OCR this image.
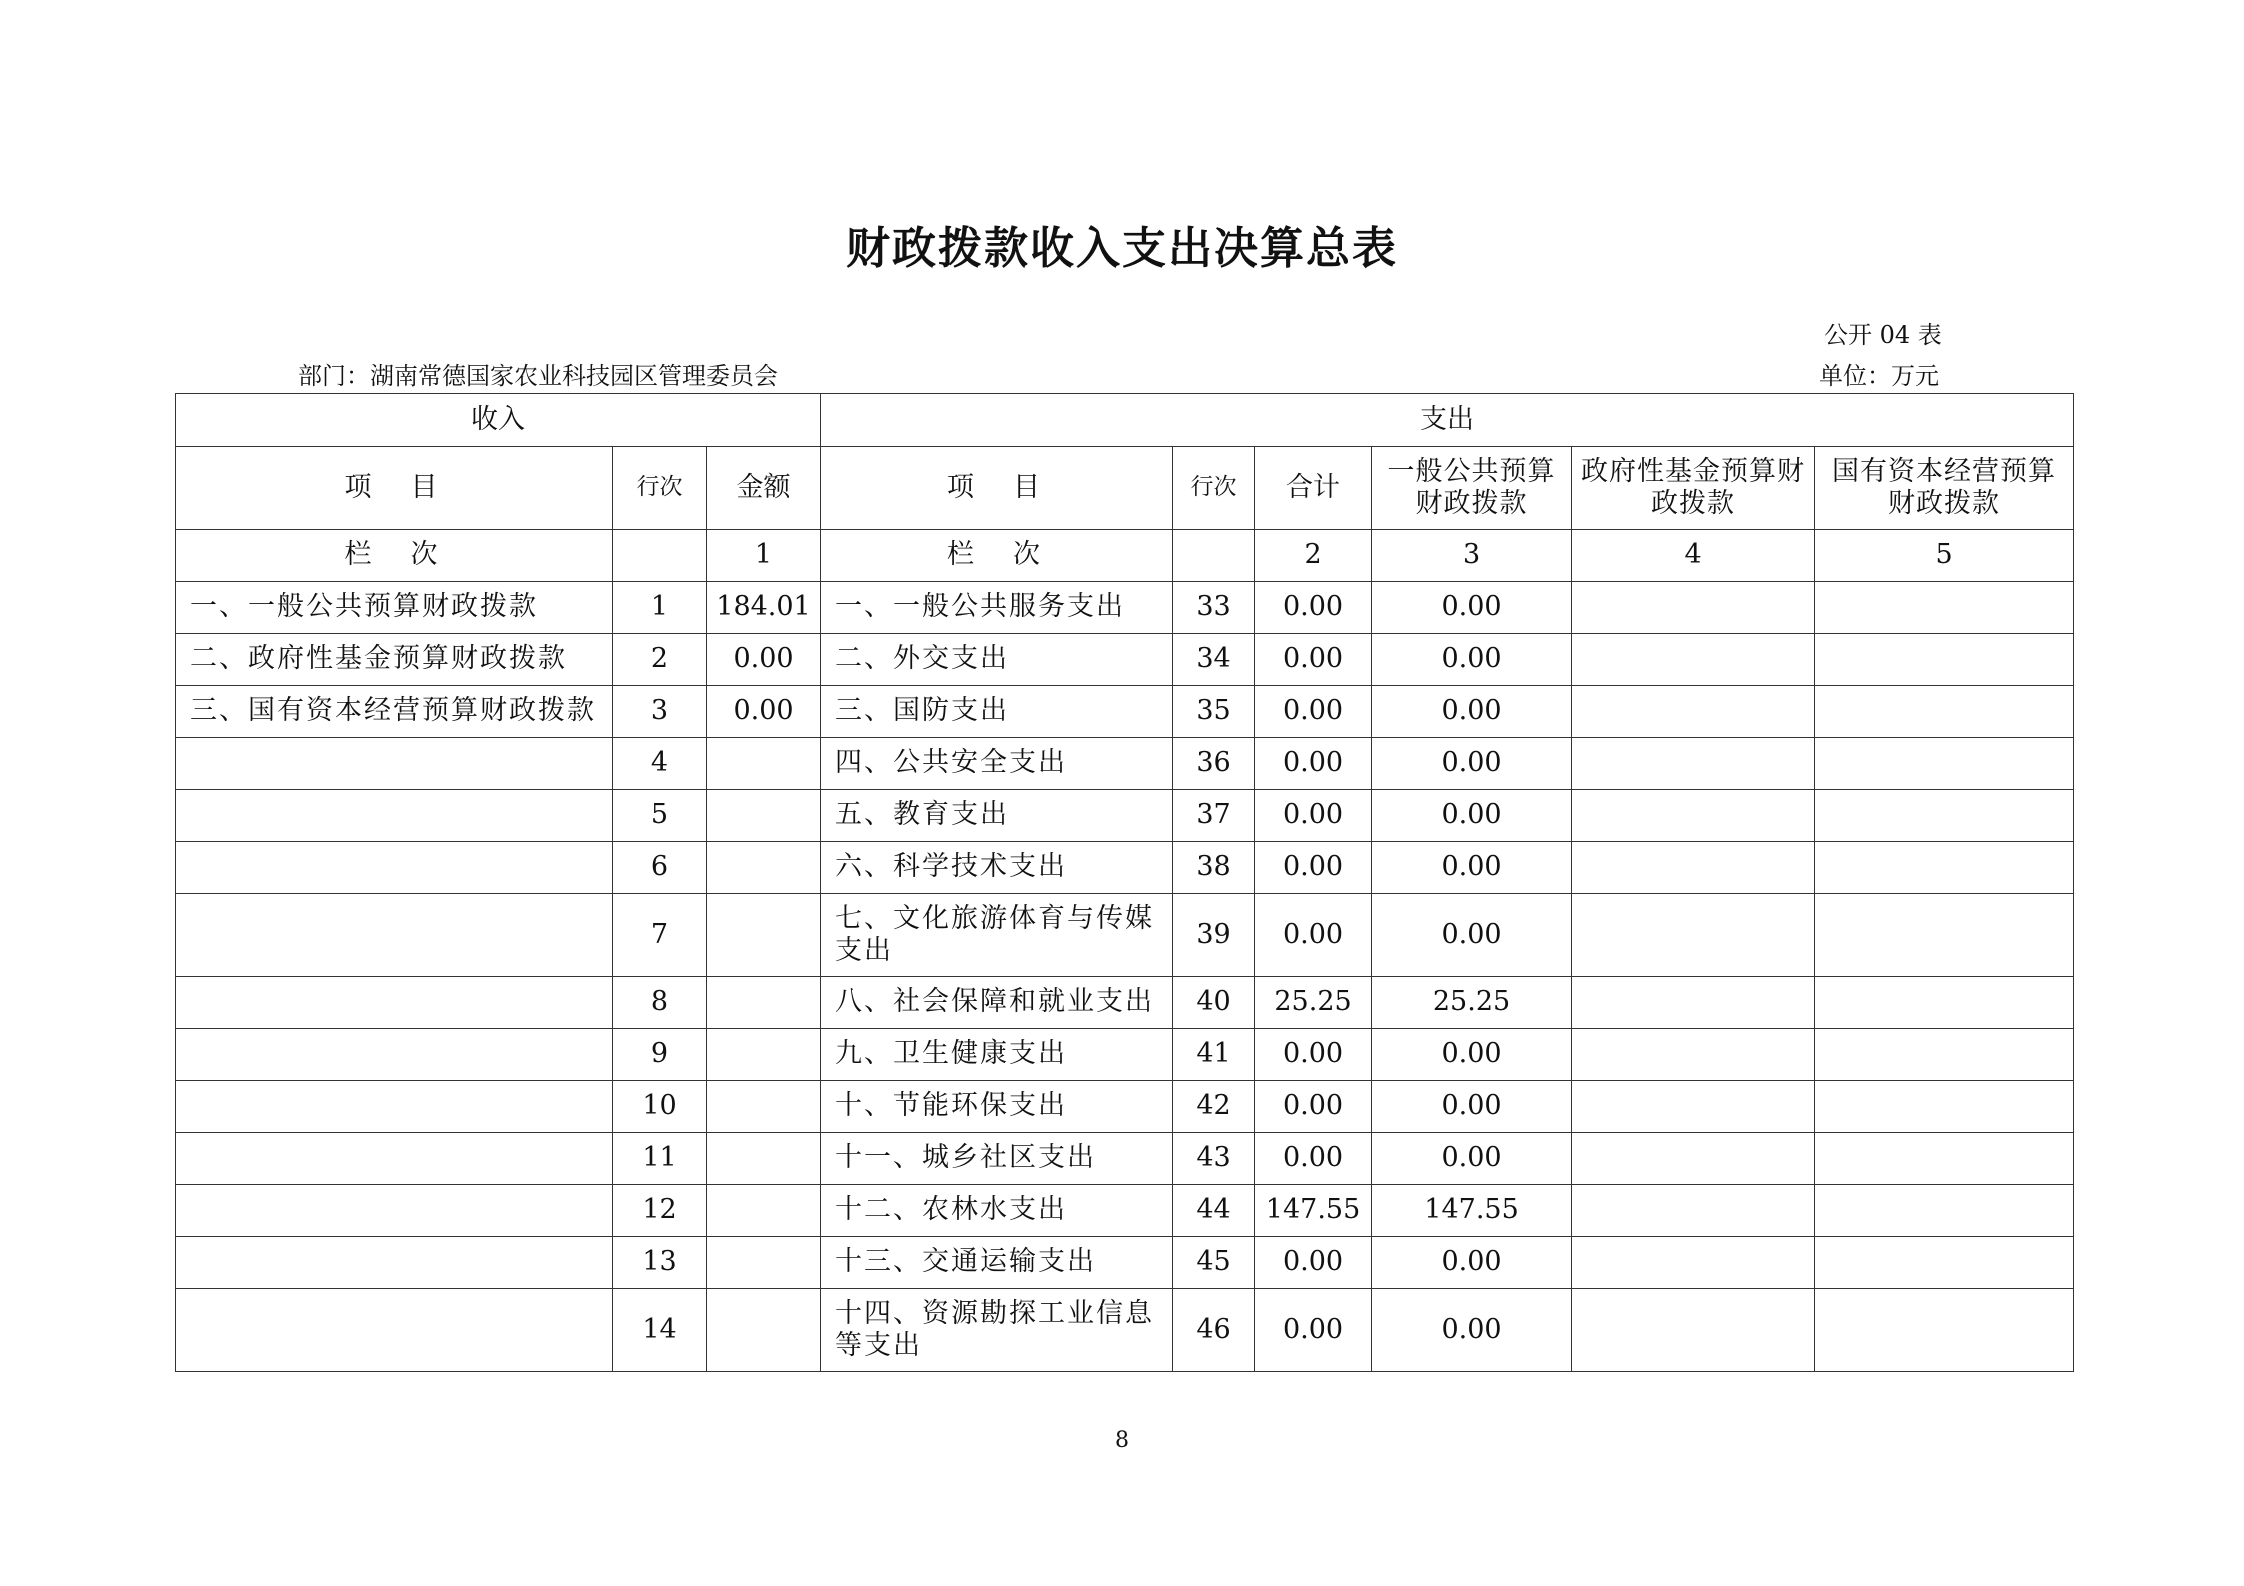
财政拨款收入支出决算总表
公开 04 表
部门：湖南常德国家农业科技园区管理委员会	单位：万元
收入			支出					
项　目	行次	金额	项　目	行次	合计	一般公共预算财政拨款	政府性基金预算财政拨款	国有资本经营预算财政拨款
栏　次		1	栏　次		2	3	4	5
一、一般公共预算财政拨款	1	184.01	一、一般公共服务支出	33	0.00	0.00		
二、政府性基金预算财政拨款	2	0.00	二、外交支出	34	0.00	0.00		
三、国有资本经营预算财政拨款	3	0.00	三、国防支出	35	0.00	0.00		
	4		四、公共安全支出	36	0.00	0.00		
	5		五、教育支出	37	0.00	0.00		
	6		六、科学技术支出	38	0.00	0.00		
	7		七、文化旅游体育与传媒支出	39	0.00	0.00		
	8		八、社会保障和就业支出	40	25.25	25.25		
	9		九、卫生健康支出	41	0.00	0.00		
	10		十、节能环保支出	42	0.00	0.00		
	11		十一、城乡社区支出	43	0.00	0.00		
	12		十二、农林水支出	44	147.55	147.55		
	13		十三、交通运输支出	45	0.00	0.00		
	14		十四、资源勘探工业信息等支出	46	0.00	0.00		
8
